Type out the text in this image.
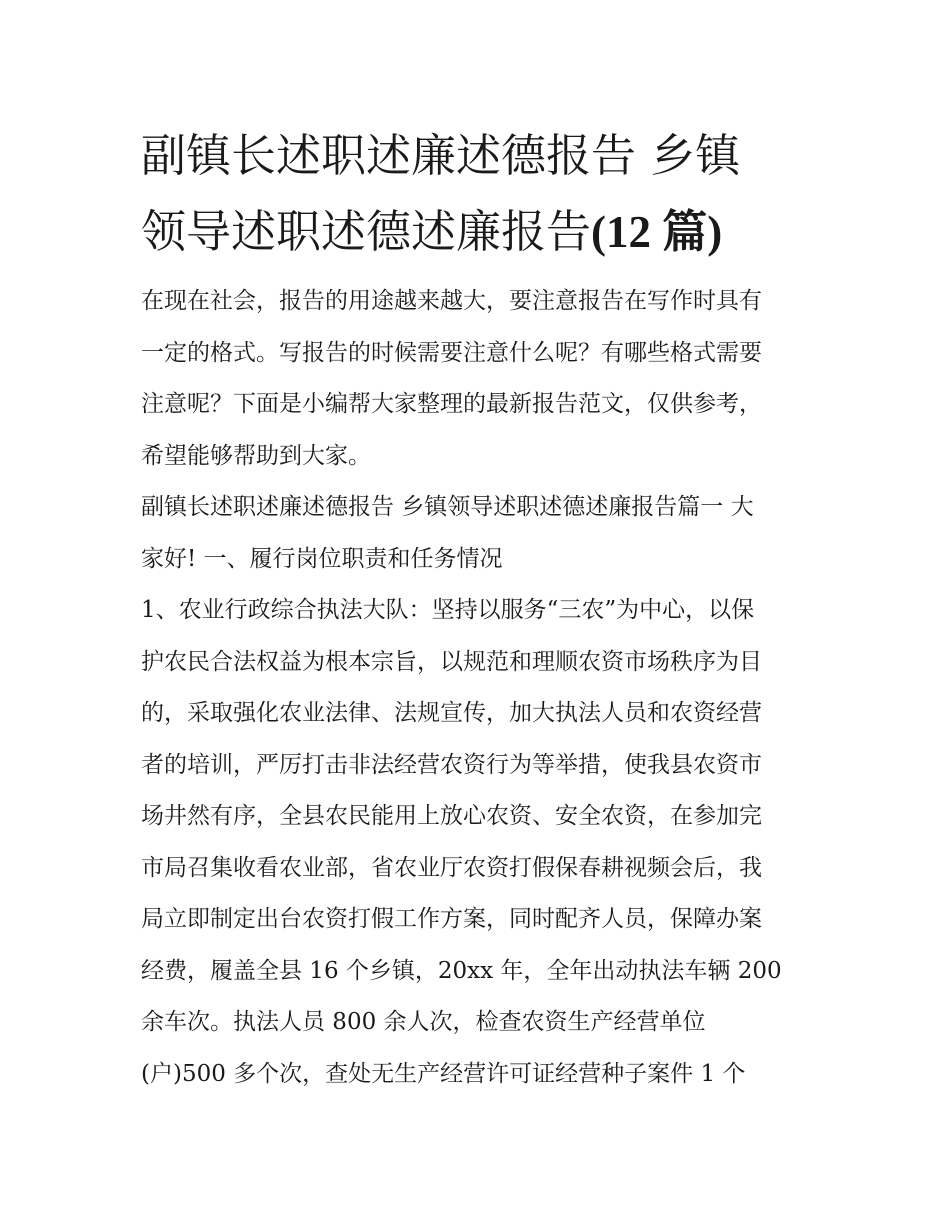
副镇长述职述廉述德报告 乡镇
领导述职述德述廉报告(12 篇)

在现在社会，报告的用途越来越大，要注意报告在写作时具有
一定的格式。写报告的时候需要注意什么呢？有哪些格式需要
注意呢？下面是小编帮大家整理的最新报告范文，仅供参考，
希望能够帮助到大家。

副镇长述职述廉述德报告 乡镇领导述职述德述廉报告篇一 大
家好! 一、履行岗位职责和任务情况

1、农业行政综合执法大队：坚持以服务“三农”为中心，以保
护农民合法权益为根本宗旨，以规范和理顺农资市场秩序为目
的，采取强化农业法律、法规宣传，加大执法人员和农资经营
者的培训，严厉打击非法经营农资行为等举措，使我县农资市
场井然有序，全县农民能用上放心农资、安全农资，在参加完
市局召集收看农业部，省农业厅农资打假保春耕视频会后，我
局立即制定出台农资打假工作方案，同时配齐人员，保障办案
经费，履盖全县 16 个乡镇，20xx 年，全年出动执法车辆 200
余车次。执法人员 800 余人次，检查农资生产经营单位
(户)500 多个次，查处无生产经营许可证经营种子案件 1 个
